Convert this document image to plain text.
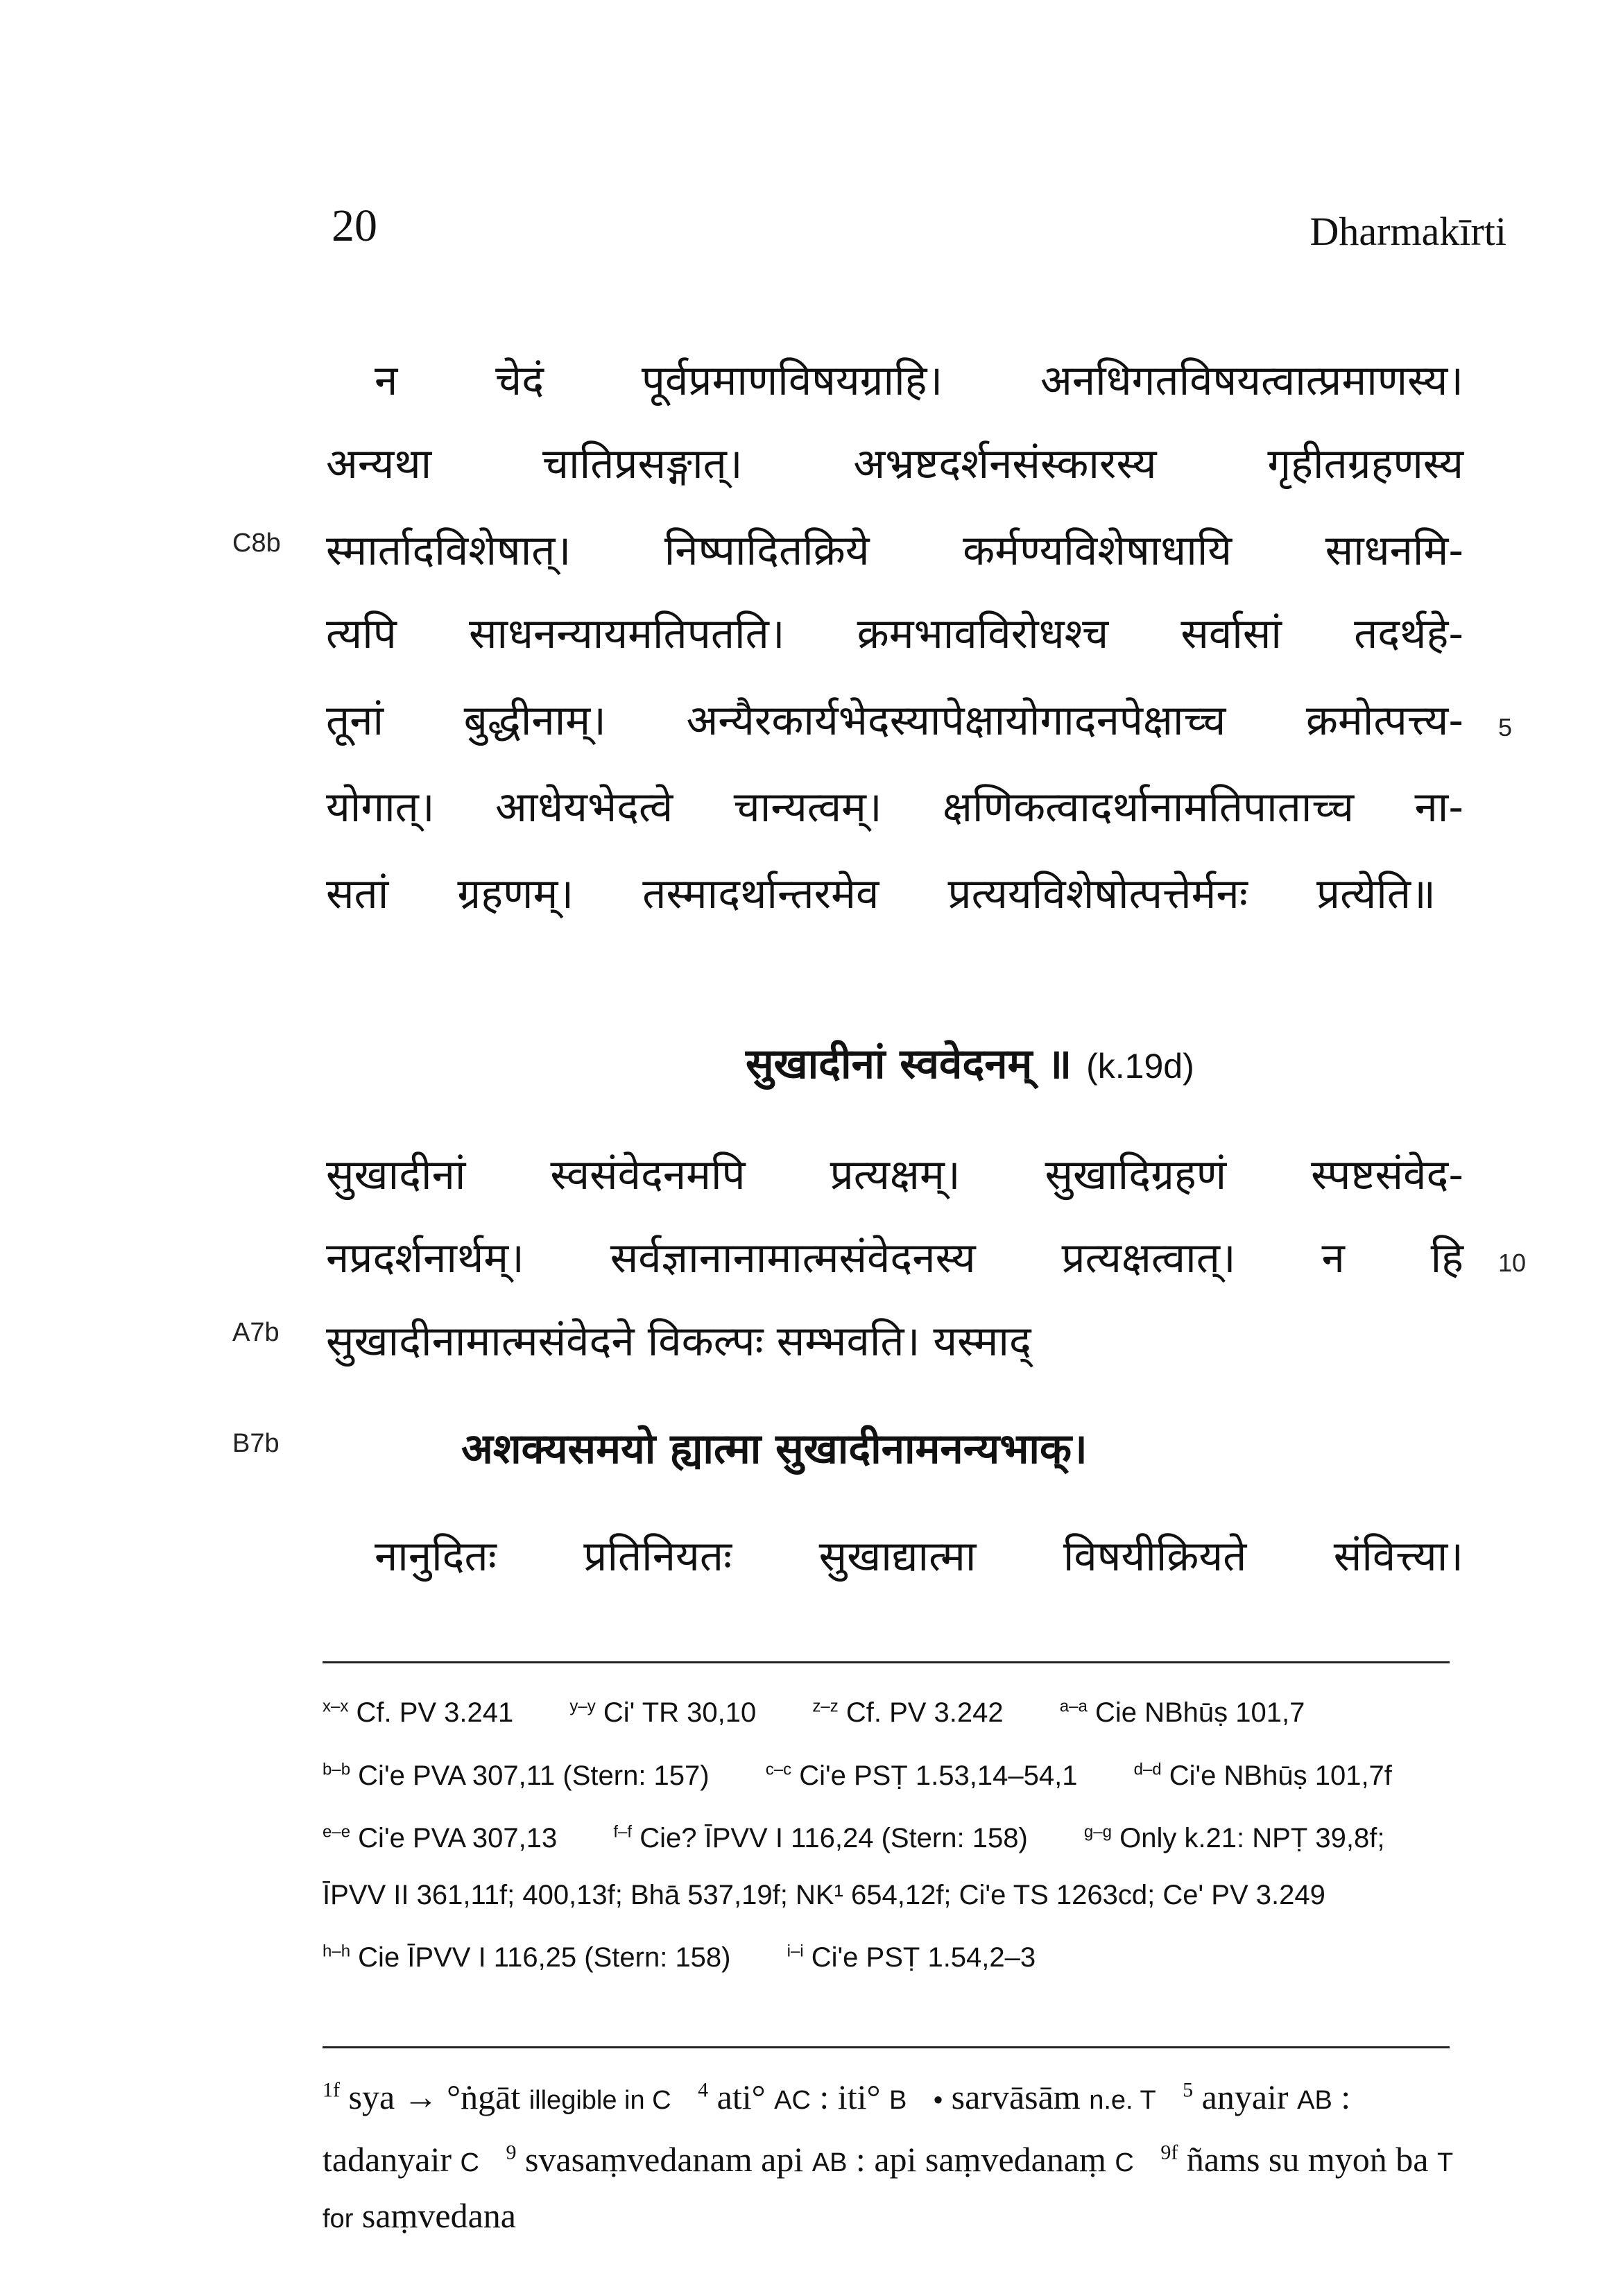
20	Dharmakīrti
C8b
A7b
B7b
5
10
न चेदं पूर्वप्रमाणविषयग्राहि। अनधिगतविषयत्वात्प्रमाणस्य।
अन्यथा चातिप्रसङ्गात्। अभ्रष्टदर्शनसंस्कारस्य गृहीतग्रहणस्य
स्मार्तादविशेषात्। निष्पादितक्रिये कर्मण्यविशेषाधायि साधनमि-
त्यपि साधनन्यायमतिपतति। क्रमभावविरोधश्च सर्वासां तदर्थहे-
तूनां बुद्धीनाम्। अन्यैरकार्यभेदस्यापेक्षायोगादनपेक्षाच्च क्रमोत्पत्त्य-
योगात्। आधेयभेदत्वे चान्यत्वम्। क्षणिकत्वादर्थानामतिपाताच्च ना-
सतां ग्रहणम्। तस्मादर्थान्तरमेव प्रत्ययविशेषोत्पत्तेर्मनः प्रत्येति॥
सुखादीनां स्ववेदनम् ॥ (k.19d)
सुखादीनां स्वसंवेदनमपि प्रत्यक्षम्। सुखादिग्रहणं स्पष्टसंवेद-
नप्रदर्शनार्थम्। सर्वज्ञानानामात्मसंवेदनस्य प्रत्यक्षत्वात्। न हि
सुखादीनामात्मसंवेदने विकल्पः सम्भवति। यस्माद्
अशक्यसमयो ह्यात्मा सुखादीनामनन्यभाक्।
नानुदितः प्रतिनियतः सुखाद्यात्मा विषयीक्रियते संवित्त्या।
$^{x-x}$ Cf. PV 3.241	$^{y-y}$ Ci' TR 30,10	$^{z-z}$ Cf. PV 3.242	$^{a-a}$ Cie NBhūṣ 101,7 $^{b-b}$ Ci'e PVA 307,11 (Stern: 157)	$^{c-c}$ Ci'e PSṬ 1.53,14–54,1	$^{d-d}$ Ci'e NBhūṣ 101,7f $^{e-e}$ Ci'e PVA 307,13	$^{f-f}$ Cie? ĪPVV I 116,24 (Stern: 158)	$^{g-g}$ Only k.21: NPṬ 39,8f; ĪPVV II 361,11f; 400,13f; Bhā 537,19f; NK¹ 654,12f; Ci'e TS 1263cd; Ce' PV 3.249 $^{h-h}$ Cie ĪPVV I 116,25 (Stern: 158)	$^{i-i}$ Ci'e PSṬ 1.54,2–3
$^{1f}$ sya → °ṅgāt illegible in C $^4$ ati° AC : iti° B • sarvāsām n.e. T $^5$ anyair AB : tadanyair C $^9$ svasaṃvedanam api AB : api saṃvedanaṃ C $^{9f}$ ñams su myoṅ ba T for saṃvedana
